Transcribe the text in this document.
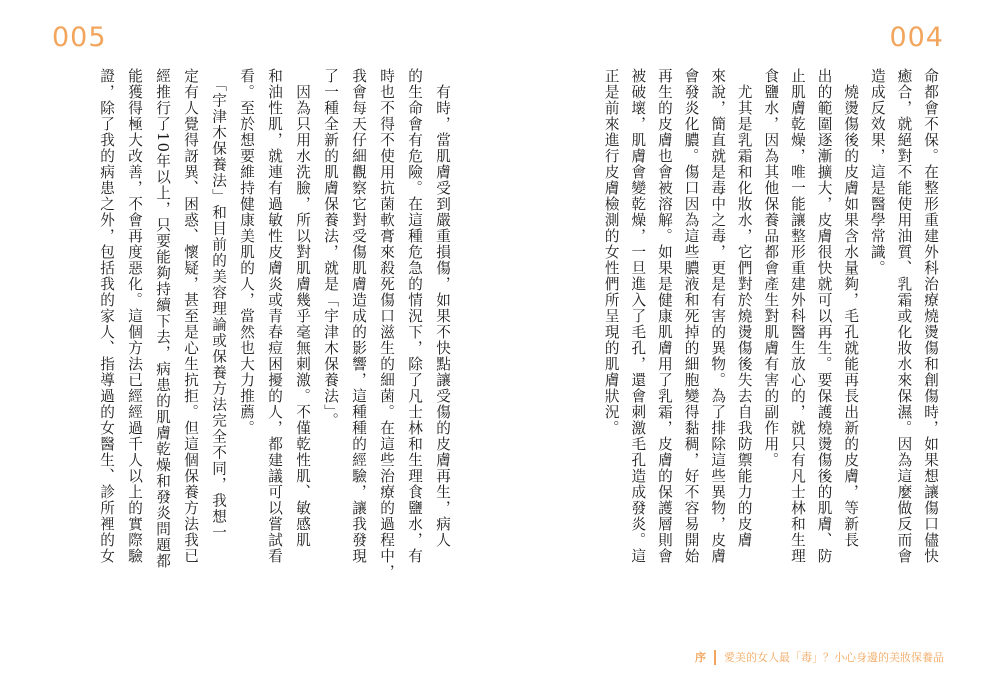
005	004
命都會不保。在整形重建外科治療燒燙傷和創傷時，如果想讓傷口儘快
癒合，就絕對不能使用油質、乳霜或化妝水來保濕。因為這麼做反而會
造成反效果，這是醫學常識。
　燒燙傷後的皮膚如果含水量夠，毛孔就能再長出新的皮膚，等新長
出的範圍逐漸擴大，皮膚很快就可以再生。要保護燒燙傷後的肌膚、防
止肌膚乾燥，唯一能讓整形重建外科醫生放心的，就只有凡士林和生理
食鹽水，因為其他保養品都會產生對肌膚有害的副作用。
　尤其是乳霜和化妝水，它們對於燒燙傷後失去自我防禦能力的皮膚
來說，簡直就是毒中之毒，更是有害的異物。為了排除這些異物，皮膚
會發炎化膿。傷口因為這些膿液和死掉的細胞變得黏稠，好不容易開始
再生的皮膚也會被溶解。如果是健康肌膚用了乳霜，皮膚的保護層則會
被破壞，肌膚會變乾燥，一旦進入了毛孔，還會刺激毛孔造成發炎。這
正是前來進行皮膚檢測的女性們所呈現的肌膚狀況。
　有時，當肌膚受到嚴重損傷，如果不快點讓受傷的皮膚再生，病人
的生命會有危險。在這種危急的情況下，除了凡士林和生理食鹽水，有
時也不得不使用抗菌軟膏來殺死傷口滋生的細菌。在這些治療的過程中，
我會每天仔細觀察它對受傷肌膚造成的影響，這種種的經驗，讓我發現
了一種全新的肌膚保養法，就是「宇津木保養法」。
　因為只用水洗臉，所以對肌膚幾乎毫無刺激。不僅乾性肌、敏感肌
和油性肌，就連有過敏性皮膚炎或青春痘困擾的人，都建議可以嘗試看
看。至於想要維持健康美肌的人，當然也大力推薦。
　「宇津木保養法」和目前的美容理論或保養方法完全不同，我想一
定有人覺得訝異、困惑、懷疑，甚至是心生抗拒。但這個保養方法我已
經推行了10年以上，只要能夠持續下去，病患的肌膚乾燥和發炎問題都
能獲得極大改善，不會再度惡化。這個方法已經經過千人以上的實際驗
證，除了我的病患之外，包括我的家人、指導過的女醫生、診所裡的女
序 愛美的女人最「毒」？小心身邊的美妝保養品
